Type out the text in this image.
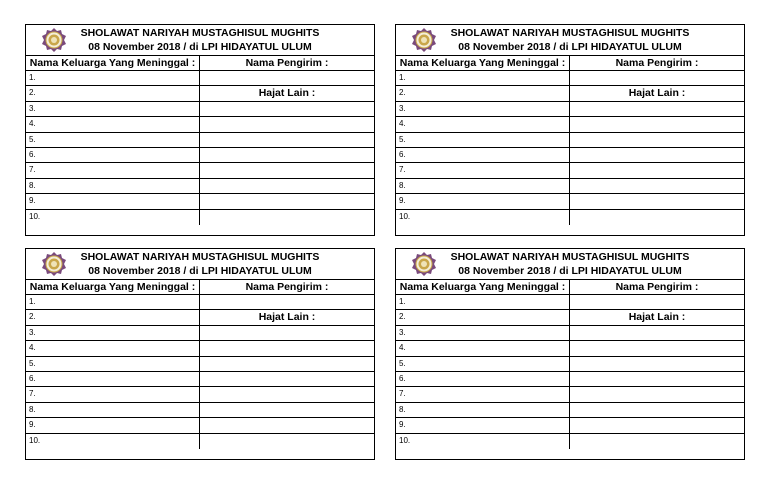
SHOLAWAT NARIYAH MUSTAGHISUL MUGHITS
08 November 2018 / di LPI HIDAYATUL ULUM
Nama Keluarga Yang Meninggal :	Nama Pengirim :
1.
2.	Hajat Lain :
3.
4.
5.
6.
7.
8.
9.
10.
SHOLAWAT NARIYAH MUSTAGHISUL MUGHITS
08 November 2018 / di LPI HIDAYATUL ULUM
Nama Keluarga Yang Meninggal :	Nama Pengirim :
1.
2.	Hajat Lain :
3.
4.
5.
6.
7.
8.
9.
10.
SHOLAWAT NARIYAH MUSTAGHISUL MUGHITS
08 November 2018 / di LPI HIDAYATUL ULUM
Nama Keluarga Yang Meninggal :	Nama Pengirim :
1.
2.	Hajat Lain :
3.
4.
5.
6.
7.
8.
9.
10.
SHOLAWAT NARIYAH MUSTAGHISUL MUGHITS
08 November 2018 / di LPI HIDAYATUL ULUM
Nama Keluarga Yang Meninggal :	Nama Pengirim :
1.
2.	Hajat Lain :
3.
4.
5.
6.
7.
8.
9.
10.
